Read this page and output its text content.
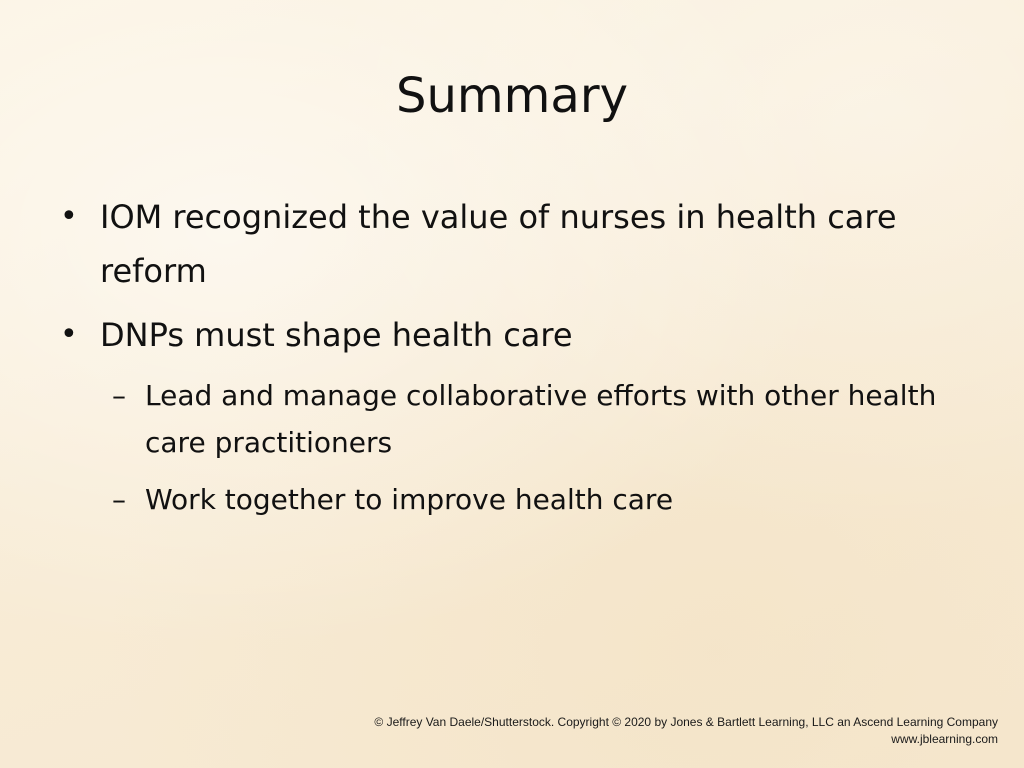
Summary
• IOM recognized the value of nurses in health care reform
• DNPs must shape health care
– Lead and manage collaborative efforts with other health care practitioners
– Work together to improve health care
© Jeffrey Van Daele/Shutterstock. Copyright © 2020 by Jones & Bartlett Learning, LLC an Ascend Learning Company
www.jblearning.com
